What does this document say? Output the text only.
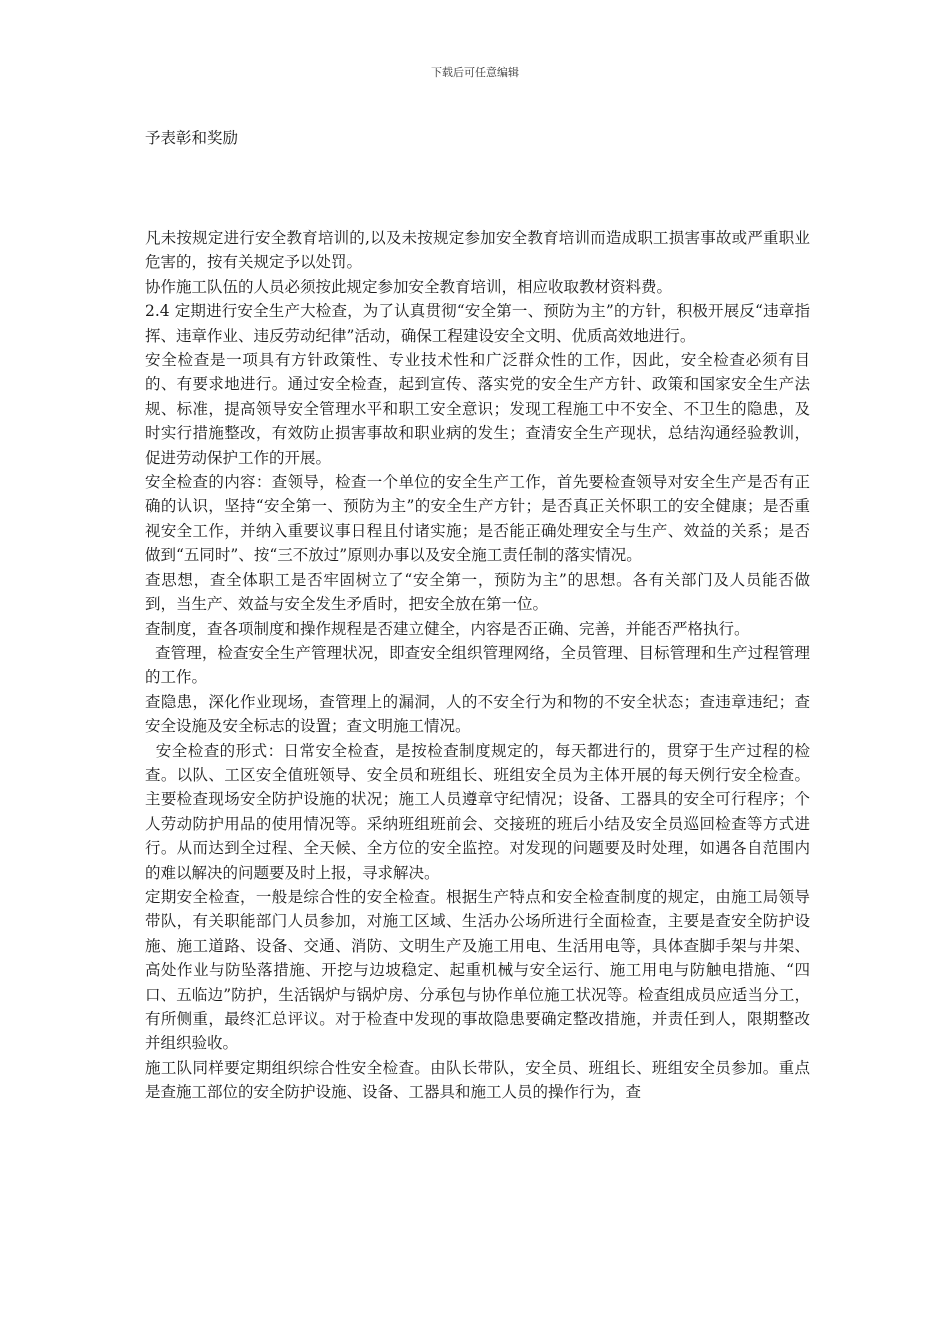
下载后可任意编辑
予表彰和奖励

凡未按规定进行安全教育培训的,以及未按规定参加安全教育培训而造成职工损害事故或严重职业危害的，按有关规定予以处罚。

协作施工队伍的人员必须按此规定参加安全教育培训，相应收取教材资料费。

2.4 定期进行安全生产大检查，为了认真贯彻“安全第一、预防为主”的方针，积极开展反“违章指挥、违章作业、违反劳动纪律”活动，确保工程建设安全文明、优质高效地进行。

安全检查是一项具有方针政策性、专业技术性和广泛群众性的工作，因此，安全检查必须有目的、有要求地进行。通过安全检查，起到宣传、落实党的安全生产方针、政策和国家安全生产法规、标准，提高领导安全管理水平和职工安全意识；发现工程施工中不安全、不卫生的隐患，及时实行措施整改，有效防止损害事故和职业病的发生；查清安全生产现状，总结沟通经验教训，促进劳动保护工作的开展。

安全检查的内容：查领导，检查一个单位的安全生产工作，首先要检查领导对安全生产是否有正确的认识，坚持“安全第一、预防为主”的安全生产方针；是否真正关怀职工的安全健康；是否重视安全工作，并纳入重要议事日程且付诸实施；是否能正确处理安全与生产、效益的关系；是否做到“五同时”、按“三不放过”原则办事以及安全施工责任制的落实情况。

查思想，查全体职工是否牢固树立了“安全第一，预防为主”的思想。各有关部门及人员能否做到，当生产、效益与安全发生矛盾时，把安全放在第一位。

查制度，查各项制度和操作规程是否建立健全，内容是否正确、完善，并能否严格执行。

查管理，检查安全生产管理状况，即查安全组织管理网络，全员管理、目标管理和生产过程管理的工作。

查隐患，深化作业现场，查管理上的漏洞，人的不安全行为和物的不安全状态；查违章违纪；查安全设施及安全标志的设置；查文明施工情况。

安全检查的形式：日常安全检查，是按检查制度规定的，每天都进行的，贯穿于生产过程的检查。以队、工区安全值班领导、安全员和班组长、班组安全员为主体开展的每天例行安全检查。主要检查现场安全防护设施的状况；施工人员遵章守纪情况；设备、工器具的安全可行程序；个人劳动防护用品的使用情况等。采纳班组班前会、交接班的班后小结及安全员巡回检查等方式进行。从而达到全过程、全天候、全方位的安全监控。对发现的问题要及时处理，如遇各自范围内的难以解决的问题要及时上报，寻求解决。

定期安全检查，一般是综合性的安全检查。根据生产特点和安全检查制度的规定，由施工局领导带队，有关职能部门人员参加，对施工区域、生活办公场所进行全面检查，主要是查安全防护设施、施工道路、设备、交通、消防、文明生产及施工用电、生活用电等，具体查脚手架与井架、高处作业与防坠落措施、开挖与边坡稳定、起重机械与安全运行、施工用电与防触电措施、“四口、五临边”防护，生活锅炉与锅炉房、分承包与协作单位施工状况等。检查组成员应适当分工，有所侧重，最终汇总评议。对于检查中发现的事故隐患要确定整改措施，并责任到人，限期整改并组织验收。

施工队同样要定期组织综合性安全检查。由队长带队，安全员、班组长、班组安全员参加。重点是查施工部位的安全防护设施、设备、工器具和施工人员的操作行为，查
